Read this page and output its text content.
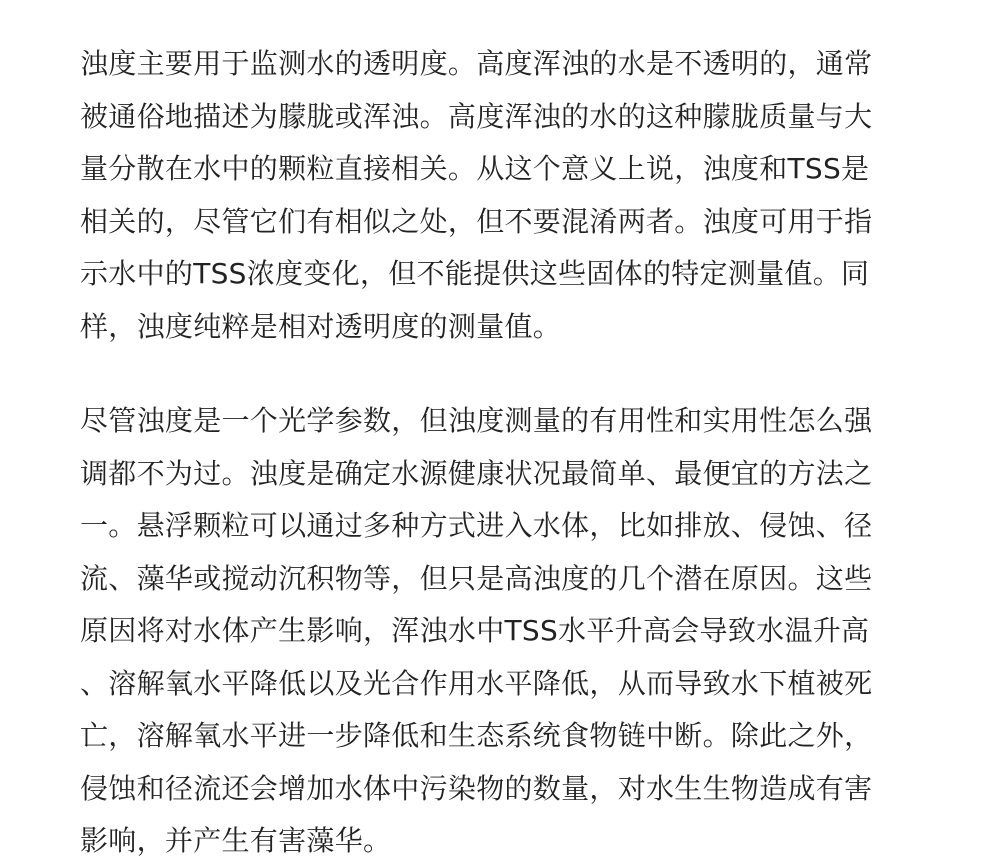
浊度主要用于监测水的透明度。高度浑浊的水是不透明的，通常
被通俗地描述为朦胧或浑浊。高度浑浊的水的这种朦胧质量与大
量分散在水中的颗粒直接相关。从这个意义上说，浊度和TSS是
相关的，尽管它们有相似之处，但不要混淆两者。浊度可用于指
示水中的TSS浓度变化，但不能提供这些固体的特定测量值。同
样，浊度纯粹是相对透明度的测量值。
尽管浊度是一个光学参数，但浊度测量的有用性和实用性怎么强
调都不为过。浊度是确定水源健康状况最简单、最便宜的方法之
一。悬浮颗粒可以通过多种方式进入水体，比如排放、侵蚀、径
流、藻华或搅动沉积物等，但只是高浊度的几个潜在原因。这些
原因将对水体产生影响，浑浊水中TSS水平升高会导致水温升高
、溶解氧水平降低以及光合作用水平降低，从而导致水下植被死
亡，溶解氧水平进一步降低和生态系统食物链中断。除此之外，
侵蚀和径流还会增加水体中污染物的数量，对水生生物造成有害
影响，并产生有害藻华。
